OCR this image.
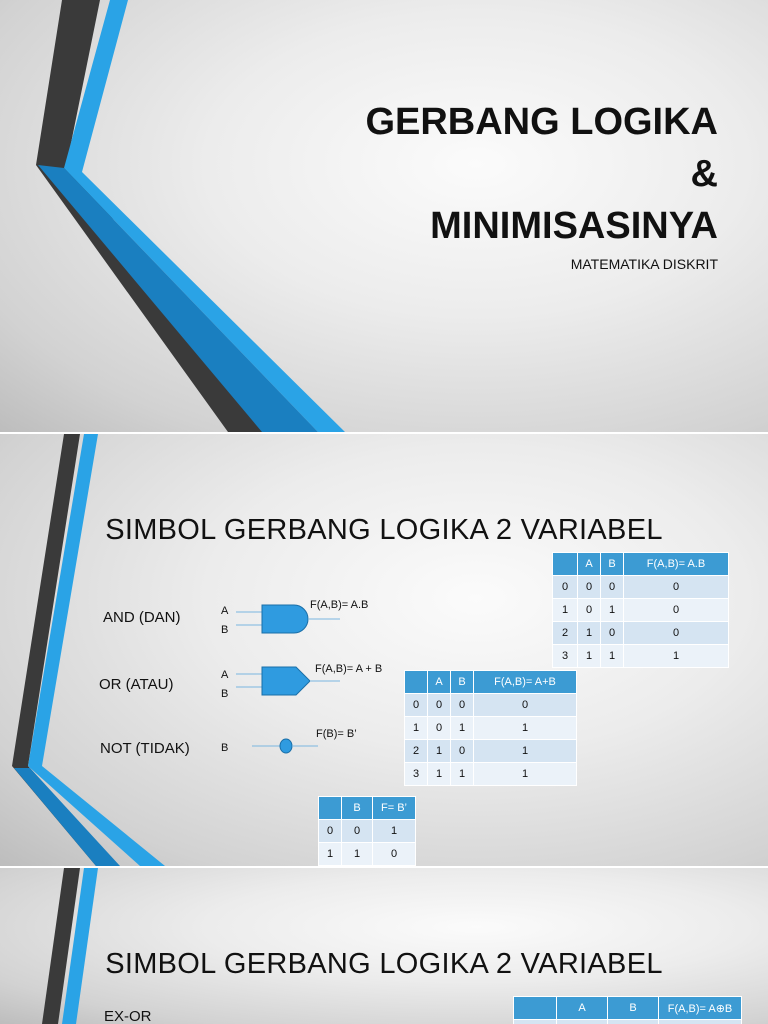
GERBANG LOGIKA
&
MINIMISASINYA
MATEMATIKA DISKRIT
SIMBOL GERBANG LOGIKA 2 VARIABEL
AND (DAN)	A
B
F(A,B)= A.B
OR (ATAU)
A
B
F(A,B)= A + B
NOT (TIDAK)	B
F(B)= B’
	A	B	F(A,B)= A.B
0	0	0	0
1	0	1	0
2	1	0	0
3	1	1	1
	A	B	F(A,B)= A+B
0	0	0	0
1	0	1	1
2	1	0	1
3	1	1	1
	B	F= B’
0	0	1
1	1	0
SIMBOL GERBANG LOGIKA 2 VARIABEL
EX-OR
		A	B	F(A,B)= A⊕B
